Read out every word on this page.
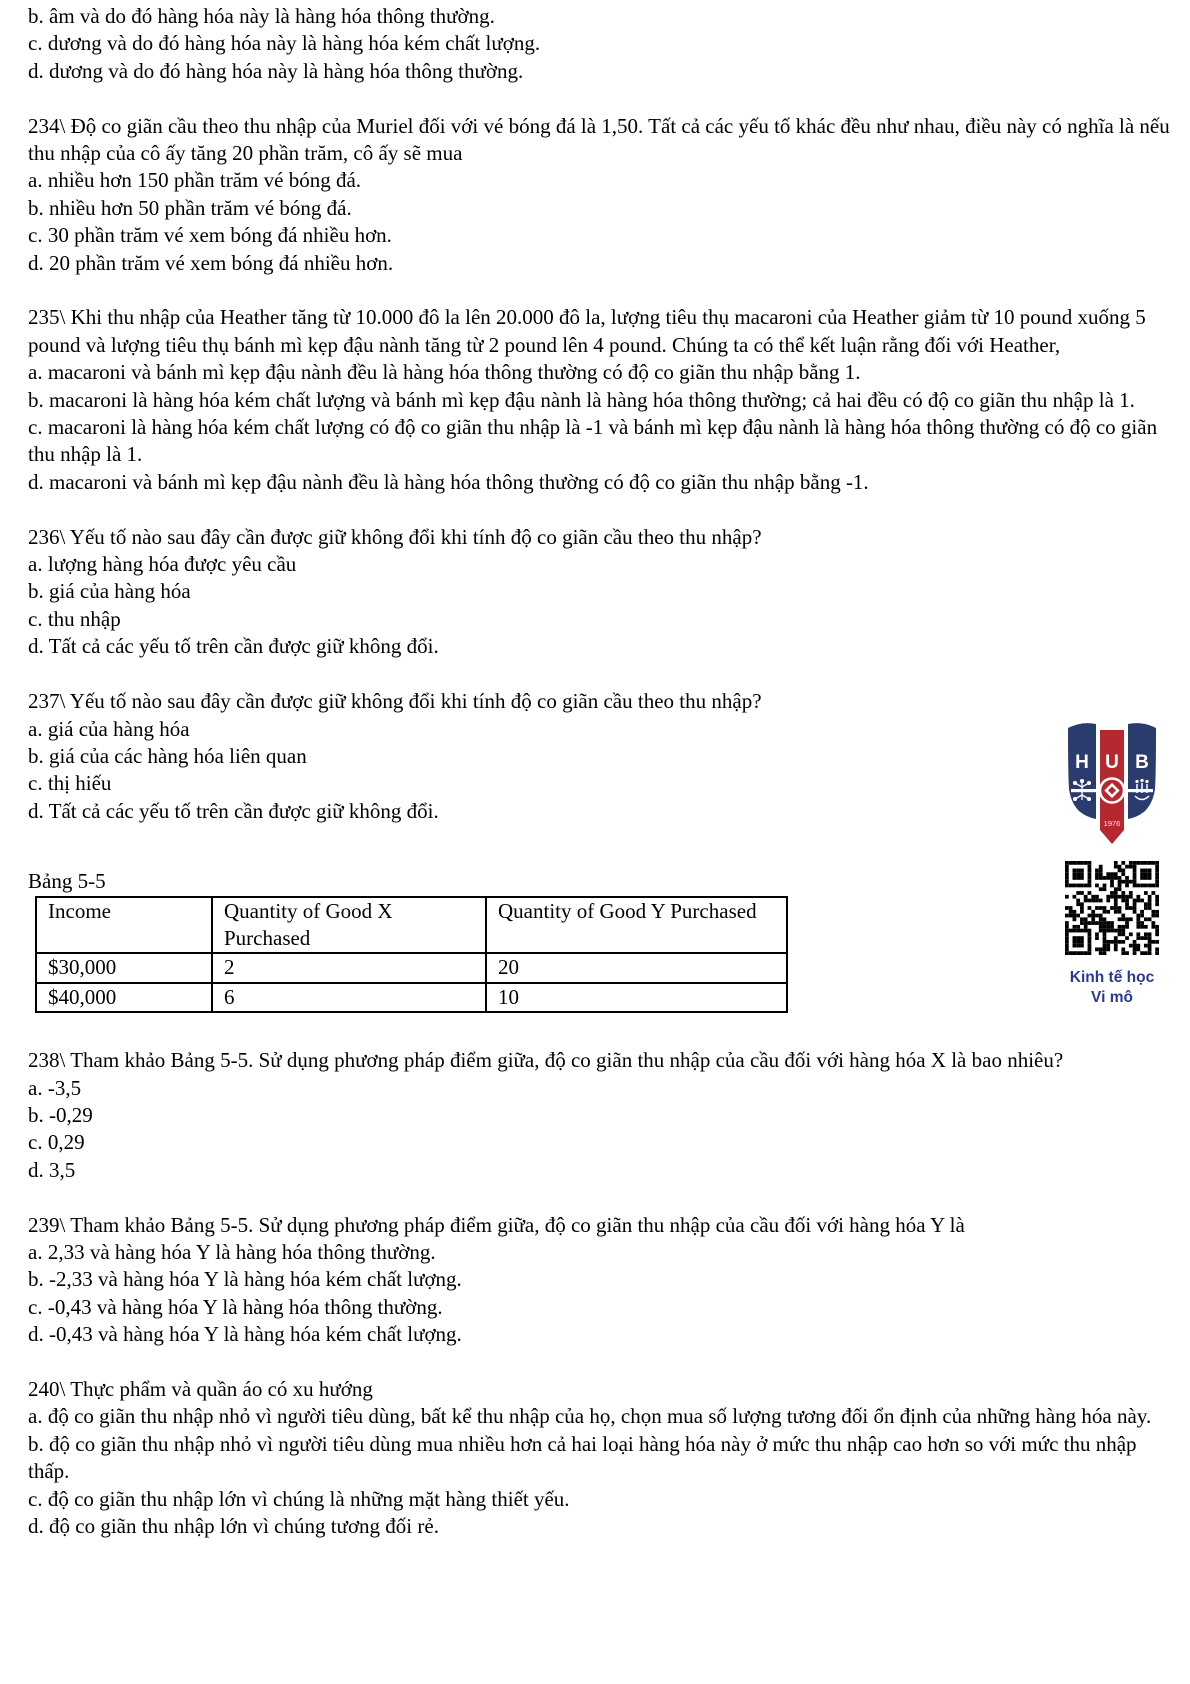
b. âm và do đó hàng hóa này là hàng hóa thông thường.
c. dương và do đó hàng hóa này là hàng hóa kém chất lượng.
d. dương và do đó hàng hóa này là hàng hóa thông thường.
234\ Độ co giãn cầu theo thu nhập của Muriel đối với vé bóng đá là 1,50. Tất cả các yếu tố khác đều như nhau, điều này có nghĩa là nếu thu nhập của cô ấy tăng 20 phần trăm, cô ấy sẽ mua
a. nhiều hơn 150 phần trăm vé bóng đá.
b. nhiều hơn 50 phần trăm vé bóng đá.
c. 30 phần trăm vé xem bóng đá nhiều hơn.
d. 20 phần trăm vé xem bóng đá nhiều hơn.
235\ Khi thu nhập của Heather tăng từ 10.000 đô la lên 20.000 đô la, lượng tiêu thụ macaroni của Heather giảm từ 10 pound xuống 5 pound và lượng tiêu thụ bánh mì kẹp đậu nành tăng từ 2 pound lên 4 pound. Chúng ta có thể kết luận rằng đối với Heather,
a. macaroni và bánh mì kẹp đậu nành đều là hàng hóa thông thường có độ co giãn thu nhập bằng 1.
b. macaroni là hàng hóa kém chất lượng và bánh mì kẹp đậu nành là hàng hóa thông thường; cả hai đều có độ co giãn thu nhập là 1.
c. macaroni là hàng hóa kém chất lượng có độ co giãn thu nhập là -1 và bánh mì kẹp đậu nành là hàng hóa thông thường có độ co giãn thu nhập là 1.
d. macaroni và bánh mì kẹp đậu nành đều là hàng hóa thông thường có độ co giãn thu nhập bằng -1.
236\ Yếu tố nào sau đây cần được giữ không đổi khi tính độ co giãn cầu theo thu nhập?
a. lượng hàng hóa được yêu cầu
b. giá của hàng hóa
c. thu nhập
d. Tất cả các yếu tố trên cần được giữ không đổi.
237\ Yếu tố nào sau đây cần được giữ không đổi khi tính độ co giãn cầu theo thu nhập?
a. giá của hàng hóa
b. giá của các hàng hóa liên quan
c. thị hiếu
d. Tất cả các yếu tố trên cần được giữ không đổi.
Bảng 5-5
Income	Quantity of Good X Purchased	Quantity of Good Y Purchased
$30,000	2	20
$40,000	6	10
238\ Tham khảo Bảng 5-5. Sử dụng phương pháp điểm giữa, độ co giãn thu nhập của cầu đối với hàng hóa X là bao nhiêu?
a. -3,5
b. -0,29
c. 0,29
d. 3,5
239\ Tham khảo Bảng 5-5. Sử dụng phương pháp điểm giữa, độ co giãn thu nhập của cầu đối với hàng hóa Y là
a. 2,33 và hàng hóa Y là hàng hóa thông thường.
b. -2,33 và hàng hóa Y là hàng hóa kém chất lượng.
c. -0,43 và hàng hóa Y là hàng hóa thông thường.
d. -0,43 và hàng hóa Y là hàng hóa kém chất lượng.
240\ Thực phẩm và quần áo có xu hướng
a. độ co giãn thu nhập nhỏ vì người tiêu dùng, bất kể thu nhập của họ, chọn mua số lượng tương đối ổn định của những hàng hóa này.
b. độ co giãn thu nhập nhỏ vì người tiêu dùng mua nhiều hơn cả hai loại hàng hóa này ở mức thu nhập cao hơn so với mức thu nhập thấp.
c. độ co giãn thu nhập lớn vì chúng là những mặt hàng thiết yếu.
d. độ co giãn thu nhập lớn vì chúng tương đối rẻ.
H U B
1976
Kinh tế học
Vi mô
